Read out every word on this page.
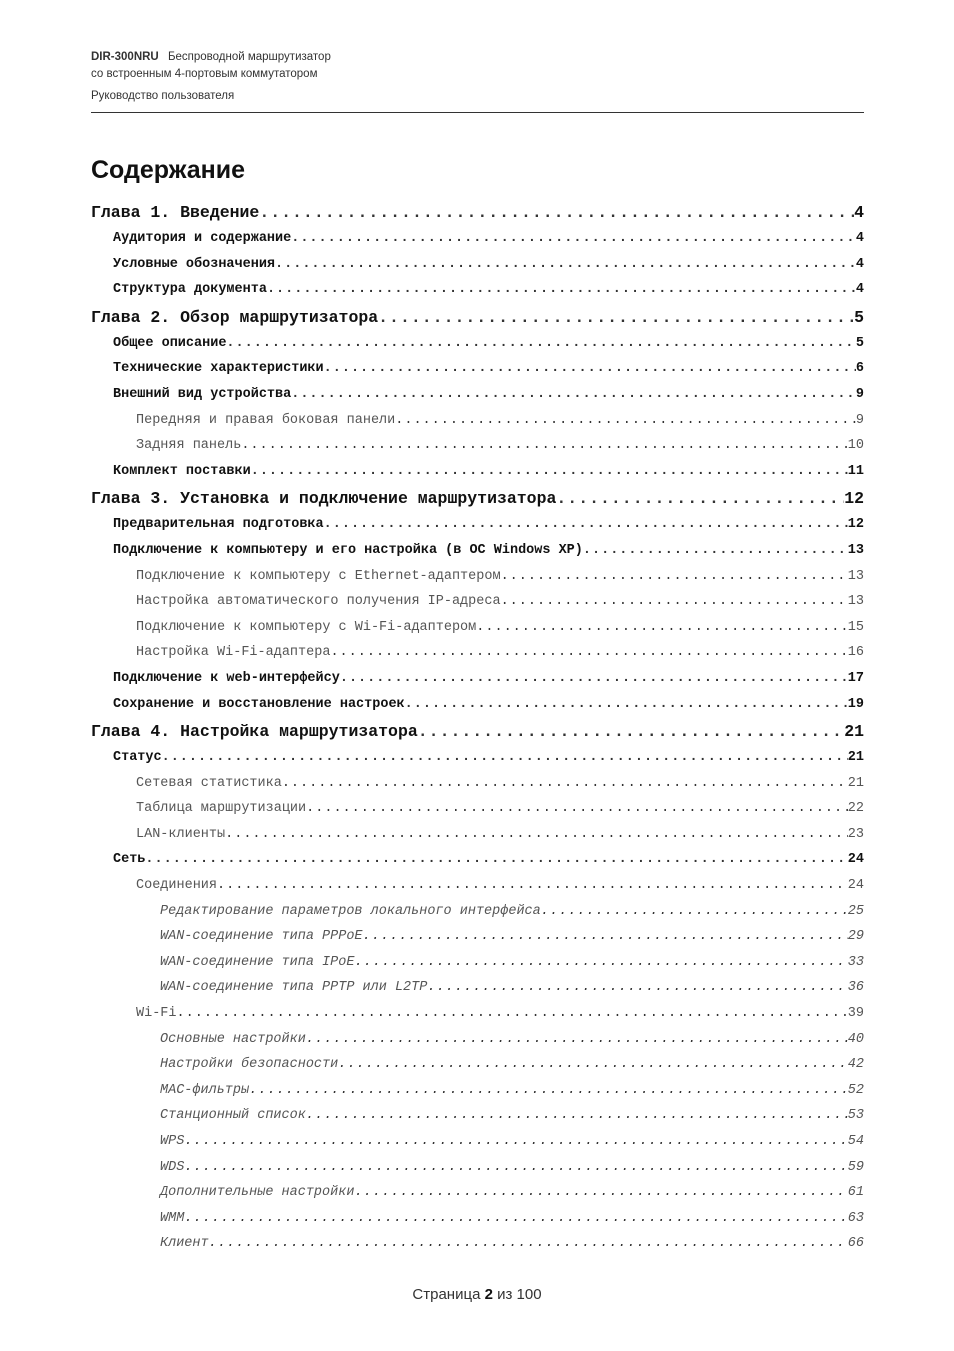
DIR-300NRU Беспроводной маршрутизатор
со встроенным 4-портовым коммутатором
Руководство пользователя
Содержание
Глава 1. Введение .....	4
Аудитория и содержание .....	4
Условные обозначения .....	4
Структура документа .....	4
Глава 2. Обзор маршрутизатора .....	5
Общее описание .....	5
Технические характеристики .....	6
Внешний вид устройства .....	9
Передняя и правая боковая панели .....	9
Задняя панель .....	10
Комплект поставки .....	11
Глава 3. Установка и подключение маршрутизатора .....	12
Предварительная подготовка .....	12
Подключение к компьютеру и его настройка (в ОС Windows XP) .....	13
Подключение к компьютеру с Ethernet-адаптером .....	13
Настройка автоматического получения IP-адреса .....	13
Подключение к компьютеру с Wi-Fi-адаптером .....	15
Настройка Wi-Fi-адаптера .....	16
Подключение к web-интерфейсу .....	17
Сохранение и восстановление настроек .....	19
Глава 4. Настройка маршрутизатора .....	21
Статус .....	21
Сетевая статистика .....	21
Таблица маршрутизации .....	22
LAN-клиенты .....	23
Сеть .....	24
Соединения .....	24
Редактирование параметров локального интерфейса .....	25
WAN-соединение типа PPPoE .....	29
WAN-соединение типа IPoE .....	33
WAN-соединение типа PPTP или L2TP .....	36
Wi-Fi .....	39
Основные настройки .....	40
Настройки безопасности .....	42
MAC-фильтры .....	52
Станционный список .....	53
WPS .....	54
WDS .....	59
Дополнительные настройки .....	61
WMM .....	63
Клиент .....	66
Страница 2 из 100
